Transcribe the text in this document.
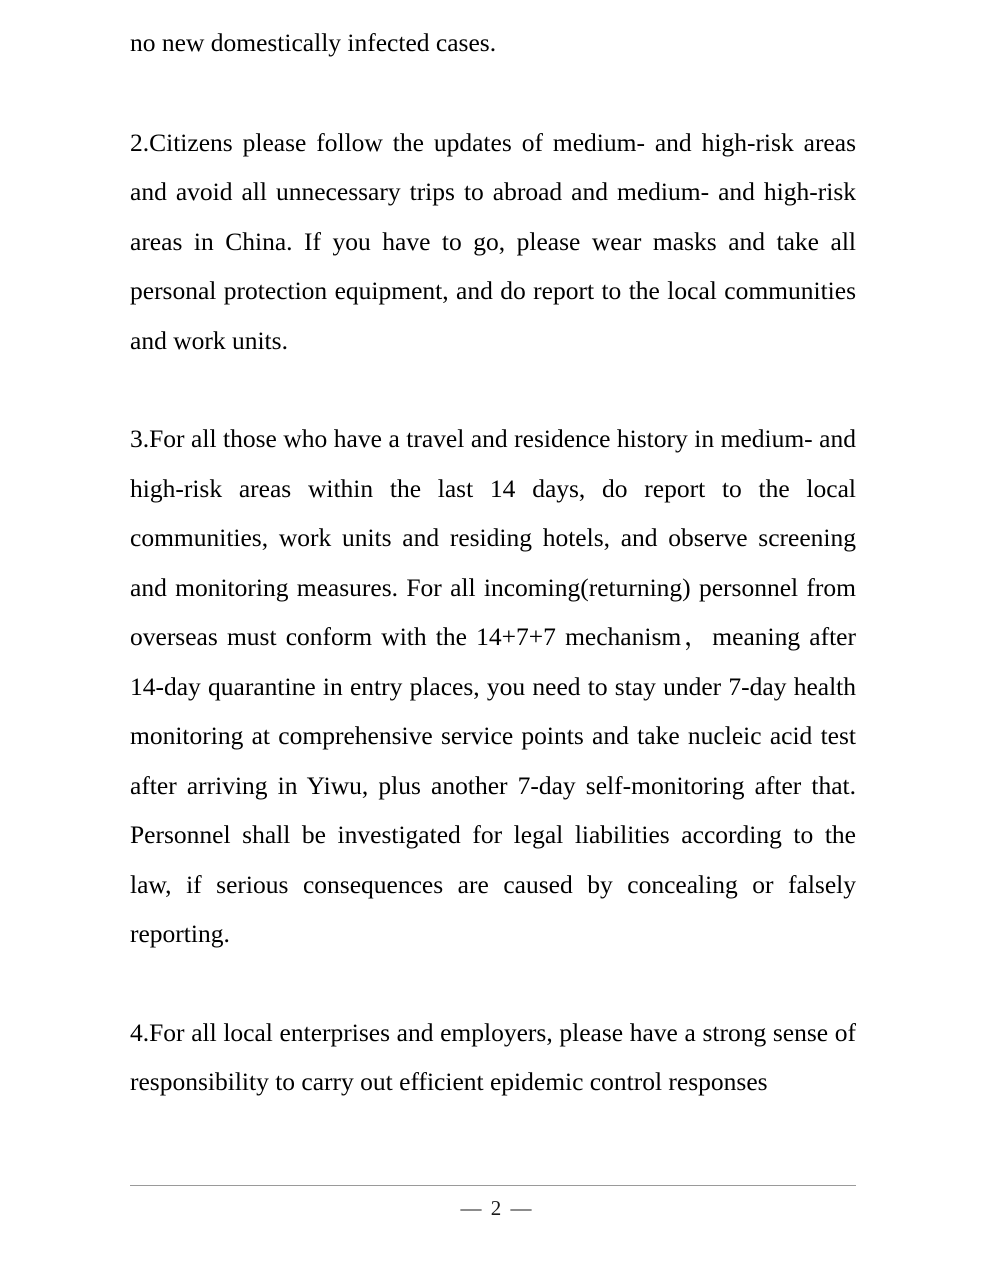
no new domestically infected cases.

2.Citizens please follow the updates of medium- and high-risk areas and avoid all unnecessary trips to abroad and medium- and high-risk areas in China. If you have to go, please wear masks and take all personal protection equipment, and do report to the local communities and work units.

3.For all those who have a travel and residence history in medium- and high-risk areas within the last 14 days, do report to the local communities, work units and residing hotels, and observe screening and monitoring measures. For all incoming(returning) personnel from overseas must conform with the 14+7+7 mechanism，meaning after 14-day quarantine in entry places, you need to stay under 7-day health monitoring at comprehensive service points and take nucleic acid test after arriving in Yiwu, plus another 7-day self-monitoring after that. Personnel shall be investigated for legal liabilities according to the law, if serious consequences are caused by concealing or falsely reporting.

4.For all local enterprises and employers, please have a strong sense of responsibility to carry out efficient epidemic control responses

— 2 —
